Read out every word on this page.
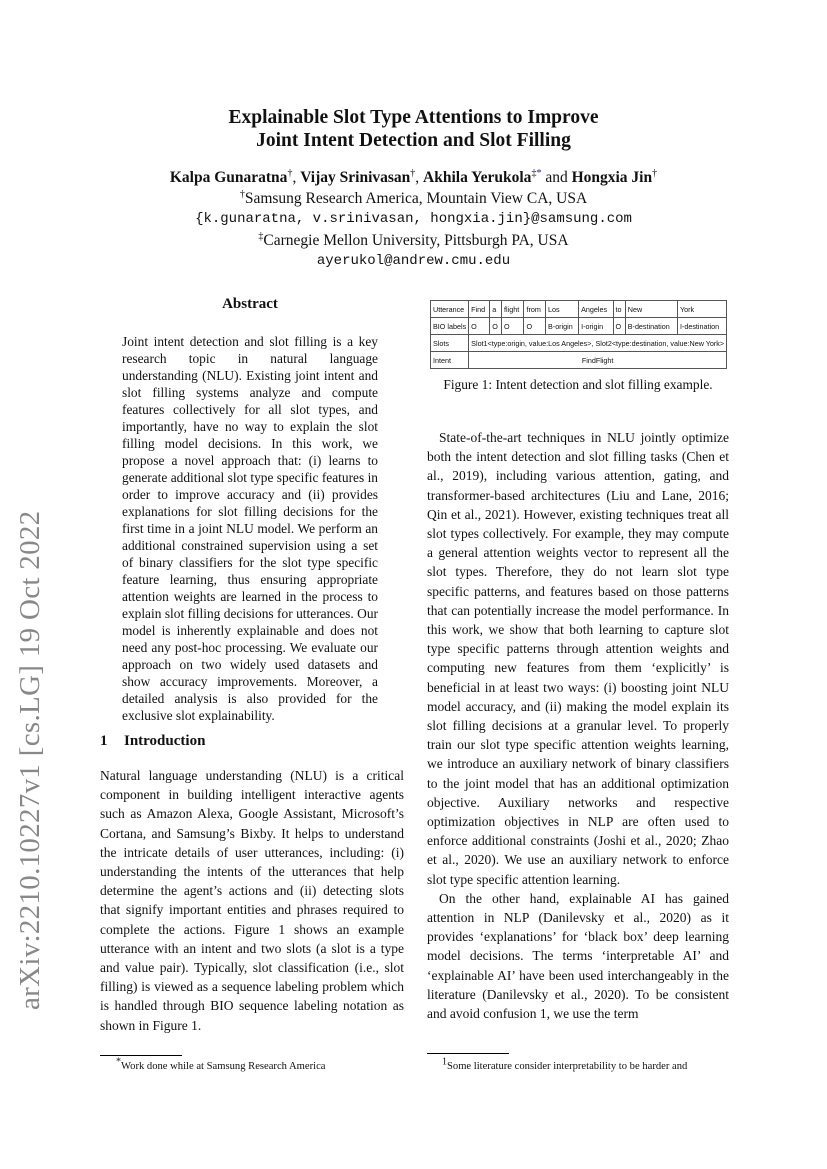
arXiv:2210.10227v1 [cs.LG] 19 Oct 2022
Explainable Slot Type Attentions to Improve
Joint Intent Detection and Slot Filling
Kalpa Gunaratna†, Vijay Srinivasan†, Akhila Yerukola‡* and Hongxia Jin†
†Samsung Research America, Mountain View CA, USA
{k.gunaratna, v.srinivasan, hongxia.jin}@samsung.com
‡Carnegie Mellon University, Pittsburgh PA, USA
ayerukol@andrew.cmu.edu
Abstract
Joint intent detection and slot filling is a key research topic in natural language understanding (NLU). Existing joint intent and slot filling systems analyze and compute features collectively for all slot types, and importantly, have no way to explain the slot filling model decisions. In this work, we propose a novel approach that: (i) learns to generate additional slot type specific features in order to improve accuracy and (ii) provides explanations for slot filling decisions for the first time in a joint NLU model. We perform an additional constrained supervision using a set of binary classifiers for the slot type specific feature learning, thus ensuring appropriate attention weights are learned in the process to explain slot filling decisions for utterances. Our model is inherently explainable and does not need any post-hoc processing. We evaluate our approach on two widely used datasets and show accuracy improvements. Moreover, a detailed analysis is also provided for the exclusive slot explainability.
1 Introduction

Natural language understanding (NLU) is a critical component in building intelligent interactive agents such as Amazon Alexa, Google Assistant, Microsoft’s Cortana, and Samsung’s Bixby. It helps to understand the intricate details of user utterances, including: (i) understanding the intents of the utterances that help determine the agent’s actions and (ii) detecting slots that signify important entities and phrases required to complete the actions. Figure 1 shows an example utterance with an intent and two slots (a slot is a type and value pair). Typically, slot classification (i.e., slot filling) is viewed as a sequence labeling problem which is handled through BIO sequence labeling notation as shown in Figure 1.

*Work done while at Samsung Research America
Utterance	Find	a	flight	from	Los	Angeles	to	New	York
BIO labels	O	O	O	O	B-origin	I-origin	O	B-destination	I-destination
Slots	Slot1<type:origin, value:Los Angeles>, Slot2<type:destination, value:New York>								
Intent	FindFlight								
Figure 1: Intent detection and slot filling example.

State-of-the-art techniques in NLU jointly optimize both the intent detection and slot filling tasks (Chen et al., 2019), including various attention, gating, and transformer-based architectures (Liu and Lane, 2016; Qin et al., 2021). However, existing techniques treat all slot types collectively. For example, they may compute a general attention weights vector to represent all the slot types. Therefore, they do not learn slot type specific patterns, and features based on those patterns that can potentially increase the model performance. In this work, we show that both learning to capture slot type specific patterns through attention weights and computing new features from them ‘explicitly’ is beneficial in at least two ways: (i) boosting joint NLU model accuracy, and (ii) making the model explain its slot filling decisions at a granular level. To properly train our slot type specific attention weights learning, we introduce an auxiliary network of binary classifiers to the joint model that has an additional optimization objective. Auxiliary networks and respective optimization objectives in NLP are often used to enforce additional constraints (Joshi et al., 2020; Zhao et al., 2020). We use an auxiliary network to enforce slot type specific attention learning.

On the other hand, explainable AI has gained attention in NLP (Danilevsky et al., 2020) as it provides ‘explanations’ for ‘black box’ deep learning model decisions. The terms ‘interpretable AI’ and ‘explainable AI’ have been used interchangeably in the literature (Danilevsky et al., 2020). To be consistent and avoid confusion 1, we use the term

$^1$Some literature consider interpretability to be harder and
